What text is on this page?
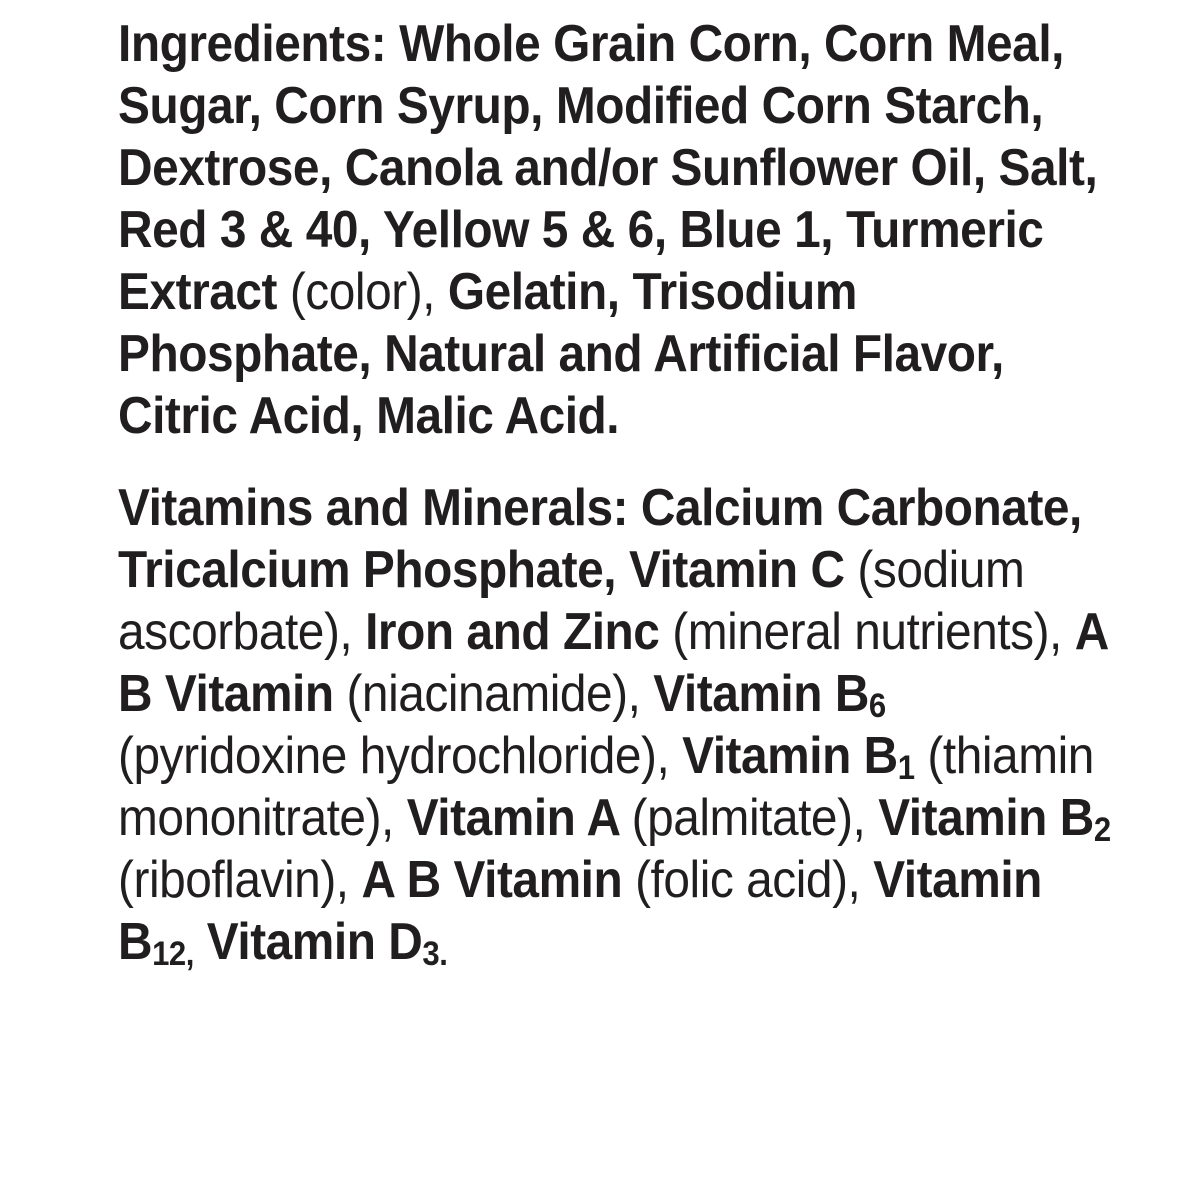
Ingredients: Whole Grain Corn, Corn Meal, Sugar, Corn Syrup, Modified Corn Starch, Dextrose, Canola and/or Sunflower Oil, Salt, Red 3 & 40, Yellow 5 & 6, Blue 1, Turmeric Extract (color), Gelatin, Trisodium Phosphate, Natural and Artificial Flavor, Citric Acid, Malic Acid.

Vitamins and Minerals: Calcium Carbonate, Tricalcium Phosphate, Vitamin C (sodium ascorbate), Iron and Zinc (mineral nutrients), A B Vitamin (niacinamide), Vitamin $B_6$ (pyridoxine hydrochloride), Vitamin $B_1$ (thiamin mononitrate), Vitamin A (palmitate), Vitamin $B_2$ (riboflavin), A B Vitamin (folic acid), Vitamin $B_{12,}$ Vitamin $D_{3.}$
